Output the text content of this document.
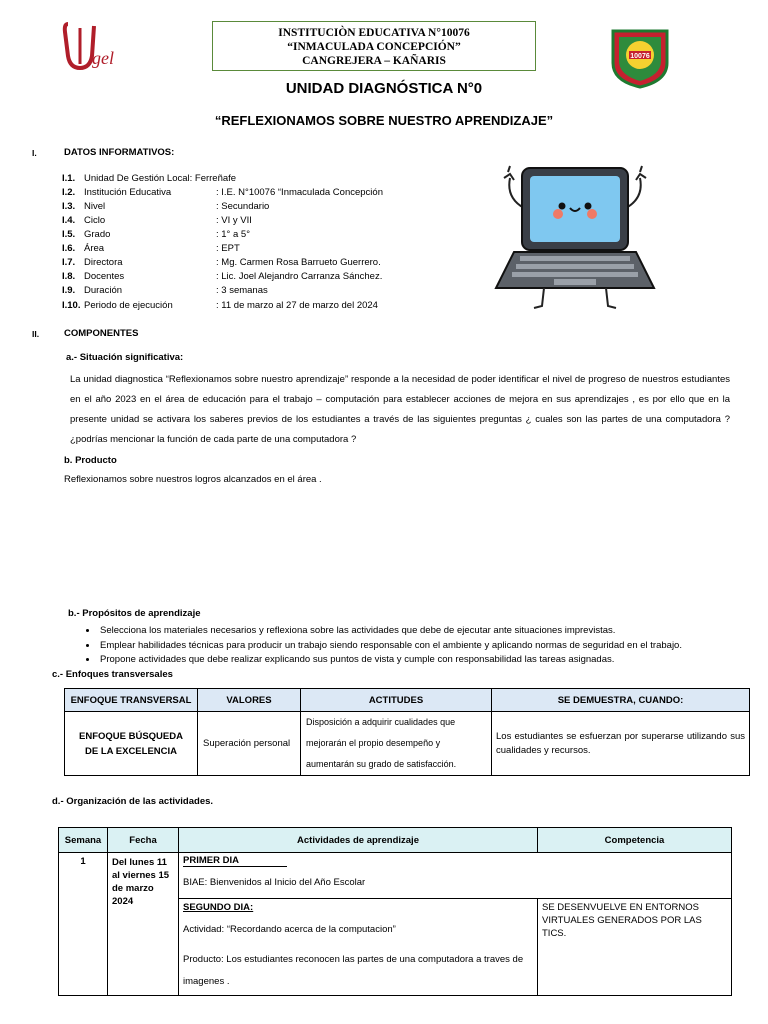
gel
INSTITUCIÒN EDUCATIVA N°10076
“INMACULADA CONCEPCIÓN”
CANGREJERA – KAÑARIS	10076
UNIDAD DIAGNÓSTICA N°0
“REFLEXIONAMOS SOBRE NUESTRO APRENDIZAJE”
I.	DATOS INFORMATIVOS:
I.1. Unidad De Gestión Local: Ferreñafe
I.2. Institución Educativa	: I.E. N°10076 “Inmaculada Concepción
I.3. Nivel	: Secundario
I.4. Ciclo	: VI y VII
I.5. Grado	: 1° a 5°
I.6. Área	: EPT
I.7. Directora	: Mg. Carmen Rosa Barrueto Guerrero.
I.8. Docentes	: Lic. Joel Alejandro Carranza Sánchez.
I.9. Duración	: 3 semanas
I.10. Periodo de ejecución	: 11 de marzo al 27 de marzo del 2024
II.	COMPONENTES
a.- Situación significativa:
La unidad diagnostica “Reflexionamos sobre nuestro aprendizaje” responde a la necesidad de poder identificar el nivel de progreso de nuestros estudiantes en el año 2023 en el área de educación para el trabajo – computación para establecer acciones de mejora en sus aprendizajes , es por ello que en la presente unidad se activara los saberes previos de los estudiantes a través de las siguientes preguntas ¿ cuales son las partes de una computadora ? ¿podrías mencionar la función de cada parte de una computadora ?
b. Producto
Reflexionamos sobre nuestros logros alcanzados en el área .
b.- Propósitos de aprendizaje
• Selecciona los materiales necesarios y reflexiona sobre las actividades que debe de ejecutar ante situaciones imprevistas.
• Emplear habilidades técnicas para producir un trabajo siendo responsable con el ambiente y aplicando normas de seguridad en el trabajo.
• Propone actividades que debe realizar explicando sus puntos de vista y cumple con responsabilidad las tareas asignadas.
c.- Enfoques transversales
ENFOQUE TRANSVERSAL	VALORES	ACTITUDES	SE DEMUESTRA, CUANDO:
ENFOQUE BÚSQUEDA DE LA EXCELENCIA	Superación personal	Disposición a adquirir cualidades que mejorarán el propio desempeño y aumentarán su grado de satisfacción.	Los estudiantes se esfuerzan por superarse utilizando sus cualidades y recursos.
d.- Organización de las actividades.
Semana	Fecha	Actividades de aprendizaje	Competencia
1	Del lunes 11 al viernes 15 de marzo 2024	PRIMER DIA
BIAE: Bienvenidos al Inicio del Año Escolar	

		SEGUNDO DIA:
Actividad: “Recordando acerca de la computacion”
Producto: Los estudiantes reconocen las partes de una computadora a traves de imagenes .	SE DESENVUELVE EN ENTORNOS VIRTUALES GENERADOS POR LAS TICS.
